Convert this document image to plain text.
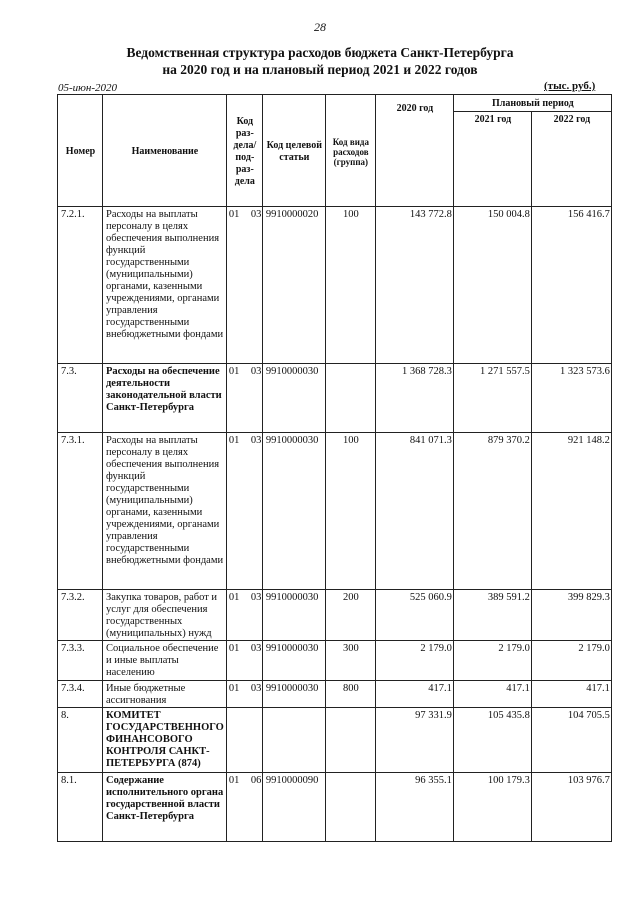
28
Ведомственная структура расходов бюджета Санкт-Петербурга
на 2020 год и на плановый период 2021 и 2022 годов
05-июн-2020	(тыс. руб.)
Номер	Наименование	Код раз- дела/ под- раз- дела	Код целевой статьи	Код вида расходов (группа)	2020 год	Плановый период	
						2021 год	2022 год
7.2.1.	Расходы на выплаты персоналу в целях обеспечения выполнения функций государственными (муниципальными) органами, казенными учреждениями, органами управления государственными внебюджетными фондами	01 03	9910000020	100	143 772.8	150 004.8	156 416.7
7.3.	Расходы на обеспечение деятельности законодательной власти Санкт-Петербурга	01 03	9910000030		1 368 728.3	1 271 557.5	1 323 573.6
7.3.1.	Расходы на выплаты персоналу в целях обеспечения выполнения функций государственными (муниципальными) органами, казенными учреждениями, органами управления государственными внебюджетными фондами	01 03	9910000030	100	841 071.3	879 370.2	921 148.2
7.3.2.	Закупка товаров, работ и услуг для обеспечения государственных (муниципальных) нужд	01 03	9910000030	200	525 060.9	389 591.2	399 829.3
7.3.3.	Социальное обеспечение и иные выплаты населению	01 03	9910000030	300	2 179.0	2 179.0	2 179.0
7.3.4.	Иные бюджетные ассигнования	01 03	9910000030	800	417.1	417.1	417.1
8.	КОМИТЕТ ГОСУДАРСТВЕННОГО ФИНАНСОВОГО КОНТРОЛЯ САНКТ-ПЕТЕРБУРГА (874)				97 331.9	105 435.8	104 705.5
8.1.	Содержание исполнительного органа государственной власти Санкт-Петербурга	01 06	9910000090		96 355.1	100 179.3	103 976.7
